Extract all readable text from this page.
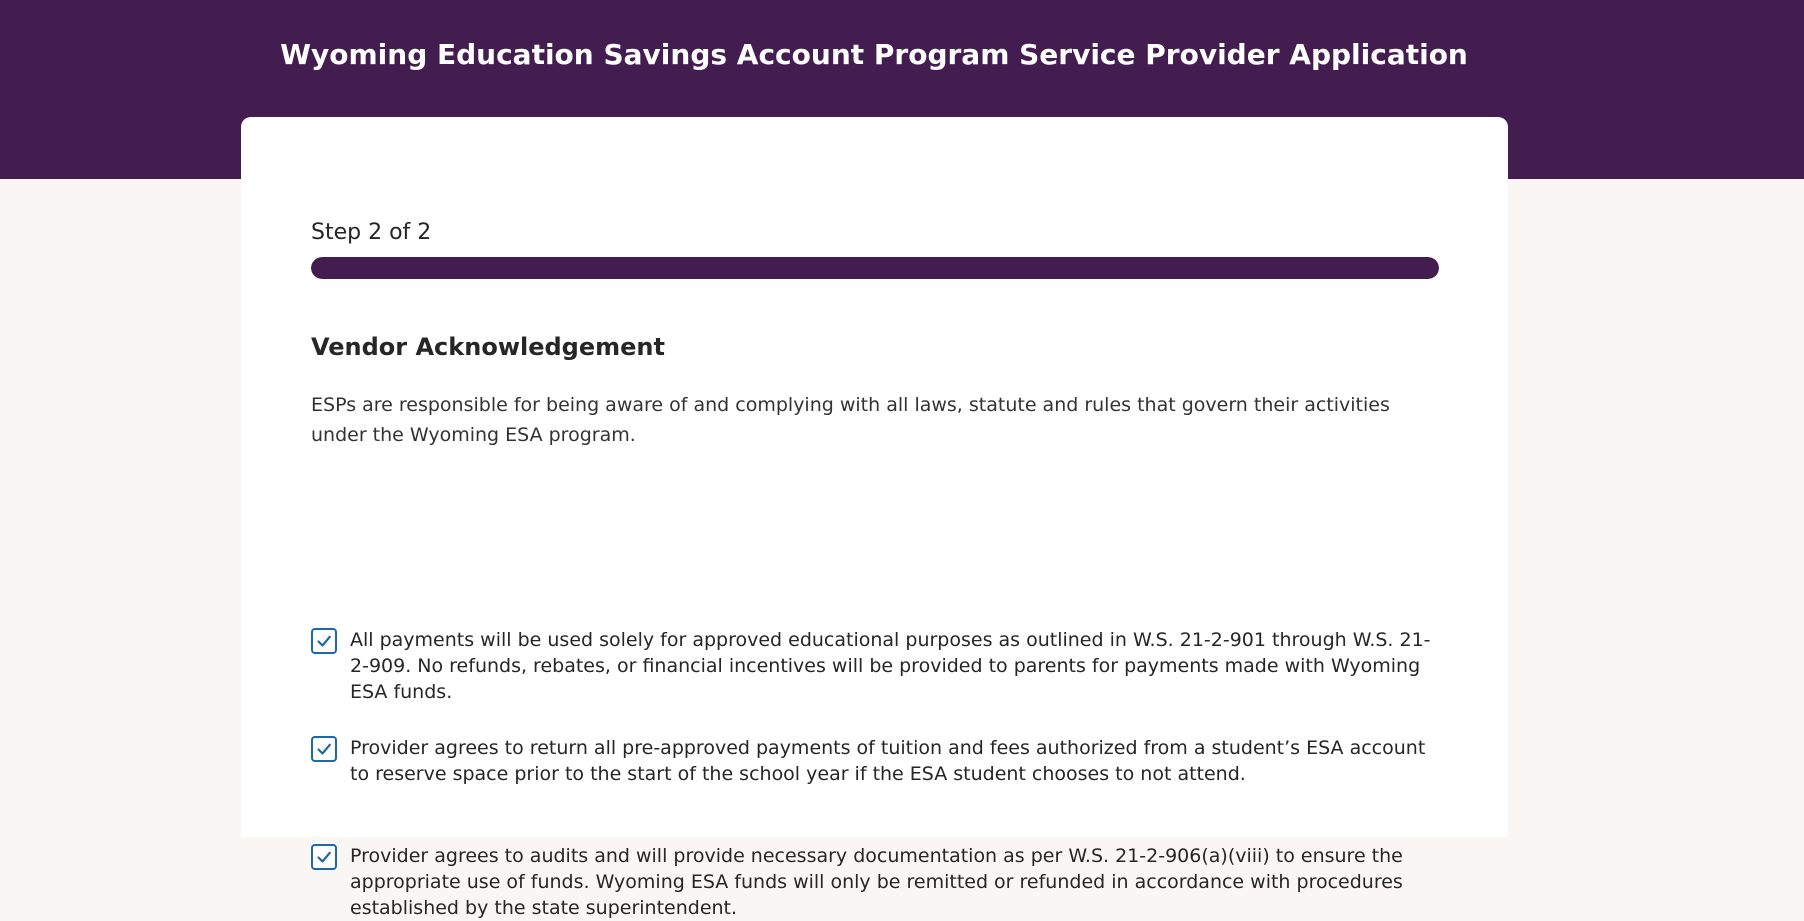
Wyoming Education Savings Account Program Service Provider Application
Step 2 of 2
Vendor Acknowledgement
ESPs are responsible for being aware of and complying with all laws, statute and rules that govern their activities under the Wyoming ESA program.
All payments will be used solely for approved educational purposes as outlined in W.S. 21-2-901 through W.S. 21-2-909. No refunds, rebates, or financial incentives will be provided to parents for payments made with Wyoming ESA funds.
Provider agrees to return all pre-approved payments of tuition and fees authorized from a student’s ESA account to reserve space prior to the start of the school year if the ESA student chooses to not attend.
Provider agrees to audits and will provide necessary documentation as per W.S. 21-2-906(a)(viii) to ensure the appropriate use of funds. Wyoming ESA funds will only be remitted or refunded in accordance with procedures established by the state superintendent.
